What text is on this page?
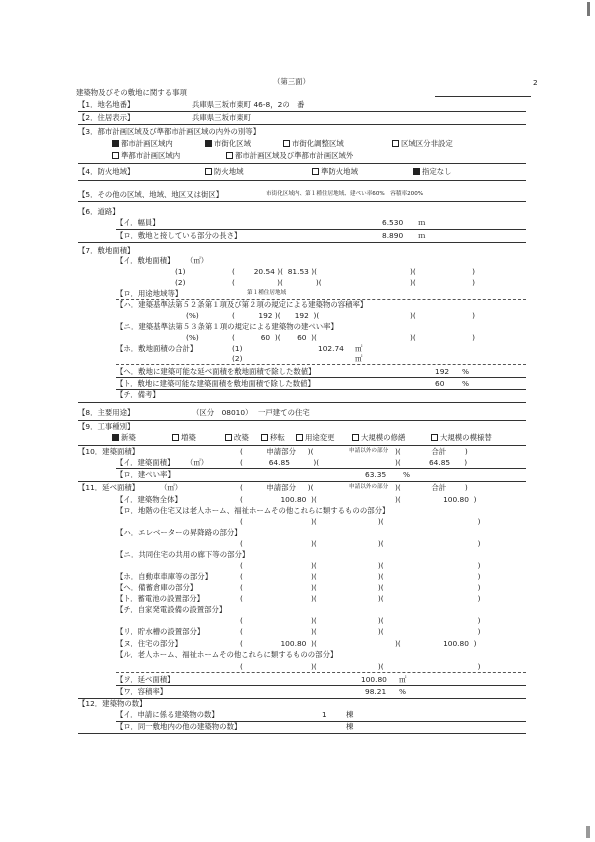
（第三面）	2
建築物及びその敷地に関する事項
【1．地名地番】	兵庫県三坂市東町 46-8，2の　番
【2．住居表示】	兵庫県三坂市東町
【3．都市計画区域及び準都市計画区域の内外の別等】
都市計画区域内	市街化区域	市街化調整区域	区域区分非設定
準都市計画区域内	都市計画区域及び準都市計画区域外
【4．防火地域】	防火地域	準防火地域	指定なし
【5．その他の区域、地域、地区又は街区】	市街化区域内、第１種住居地域、建ぺい率60%　容積率200%
【6．道路】
【イ．幅員】	6.530 ｍ
【ロ．敷地と接している部分の長さ】	8.890 ｍ
【7．敷地面積】
【イ．敷地面積】 （㎡）
(1)	(        20.54 )(  81.53 )(	)(                        )
(2)	(                  )(              )(	)(                        )
【ロ．用途地域等】	第１種住居地域
【ハ．建築基準法第５２条第１項及び第２項の規定による建築物の容積率】
(%)	(          192 )(      192  )(	)(                        )
【ニ．建築基準法第５３条第１項の規定による建築物の建ぺい率】
(%)	(           60  )(       60  )(	)(                        )
【ホ．敷地面積の合計】	(1)	102.74 ㎡
(2)	㎡
【ヘ．敷地に建築可能な延べ面積を敷地面積で除した数値】	192 %
【ト．敷地に建築可能な建築面積を敷地面積で除した数値】	60 %
【チ．備考】
【8．主要用途】	（区分　08010） 一戸建ての住宅
【9．工事種別】
新築	増築	改築	移転	用途変更	大規模の修繕	大規模の模様替
【10．建築面積】	(          申請部分     )(	申請以外の部分 )(             合計        )
【イ．建築面積】 （㎡）	(           64.85          )(	)(            64.85      )
【ロ．建ぺい率】	63.35 %
【11．延べ面積】	（㎡）	(          申請部分     )(	申請以外の部分 )(             合計        )
【イ．建築物全体】	(                100.80  )(	)(                  100.80  )
【ロ．地階の住宅又は老人ホーム、福祉ホームその他これらに類するものの部分】
(                             )(                          )(                                        )
【ハ．エレベーターの昇降路の部分】
(                             )(                          )(                                        )
【ニ．共同住宅の共用の廊下等の部分】
(                             )(                          )(                                        )
【ホ．自動車車庫等の部分】	(                             )(                          )(                                        )
【ヘ．備蓄倉庫の部分】	(                             )(                          )(                                        )
【ト．蓄電池の設置部分】	(                             )(                          )(                                        )
【チ．自家発電設備の設置部分】
(                             )(                          )(                                        )
【リ．貯水槽の設置部分】	(                             )(                          )(                                        )
【ヌ．住宅の部分】	(                100.80  )(	)(                  100.80  )
【ル．老人ホーム、福祉ホームその他これらに類するものの部分】
(                             )(                          )(                                        )
【ヲ．延べ面積】	100.80 ㎡
【ワ．容積率】	98.21 %
【12．建築物の数】
【イ．申請に係る建築物の数】	1	棟
【ロ．同一敷地内の他の建築物の数】	棟
